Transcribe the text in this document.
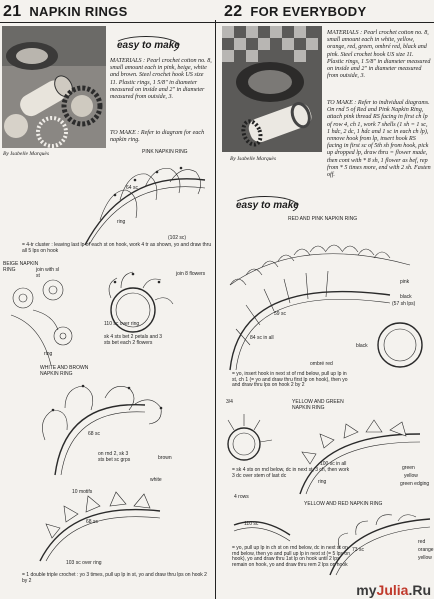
21 NAPKIN RINGS	22 FOR EVERYBODY
easy to make
MATERIALS : Pearl crochet cotton no. 8, small amount each in pink, beige, white and brown. Steel crochet hook US size 11. Plastic rings, 1 5/8" in diameter measured on inside and 2" in diameter measured from outside, 3.
TO MAKE : Refer to diagram for each napkin ring.
By Isabelle Marquès	PINK NAPKIN RING
64 sc
ring
(102 sc)
= 4-tr cluster : leaving last lp of each st on hook, work 4 tr as shown, yo and draw thru all 5 lps on hook
BEIGE NAPKIN RING	join with sl st	join 8 flowers
ring
110 sc over ring
sk 4 sts bet 2 petals and 3 sts bet each 2 flowers
WHITE AND BROWN NAPKIN RING
68 sc
on rnd 2, sk 3 sts bet sc grps	brown
white
10 motifs
68 sc
103 sc over ring
= 1 double triple crochet : yo 3 times, pull up lp in st, yo and draw thru lps on hook 2 by 2
MATERIALS : Pearl crochet cotton no. 8, small amount each in white, yellow, orange, red, green, ombré red, black and pink. Steel crochet hook US size 11. Plastic rings, 1 5/8" in diameter measured on inside and 2" in diameter measured from outside, 3.
TO MAKE : Refer to individual diagrams. On rnd 5 of Red and Pink Napkin Ring, attach pink thread RS facing in first ch lp of row 4, ch 1, work 7 shells (1 sh = 1 sc, 1 hdc, 2 dc, 1 hdc and 1 sc in each ch lp), remove hook from lp, insert hook RS facing in first sc of 5th sh from hook, pick up dropped lp, draw thru = flower made, then cont with * 8 sh, 1 flower as bef, rep from * 5 times more, end with 2 sh. Fasten off.
By Isabelle Marquès
easy to make
RED AND PINK NAPKIN RING
pink
black
(57 sh lps)
59 sc
84 sc in all
ombré red
black
= yo, insert hook in next st of rnd below, pull up lp in st, ch 1 (= yo and draw thru first lp on hook), then yo and draw thru lps on hook 2 by 2
3/4	YELLOW AND GREEN NAPKIN RING
100 sc in all
= sk 4 sts on rnd below, dc in next st, 3 ch, then work 3 dc over stem of last dc
green
yellow
green edging
ring
4 rows
YELLOW AND RED NAPKIN RING
110 sc
73 sc
red
orange
yellow
= yo, pull up lp in ch st on rnd below, dc in next st on rnd below, then yo and pull up lp in next st (= 5 lps on hook), yo and draw thru 1st lp on hook until 2 lps remain on hook, yo and draw thru rem 2 lps on hook
myJulia.Ru
